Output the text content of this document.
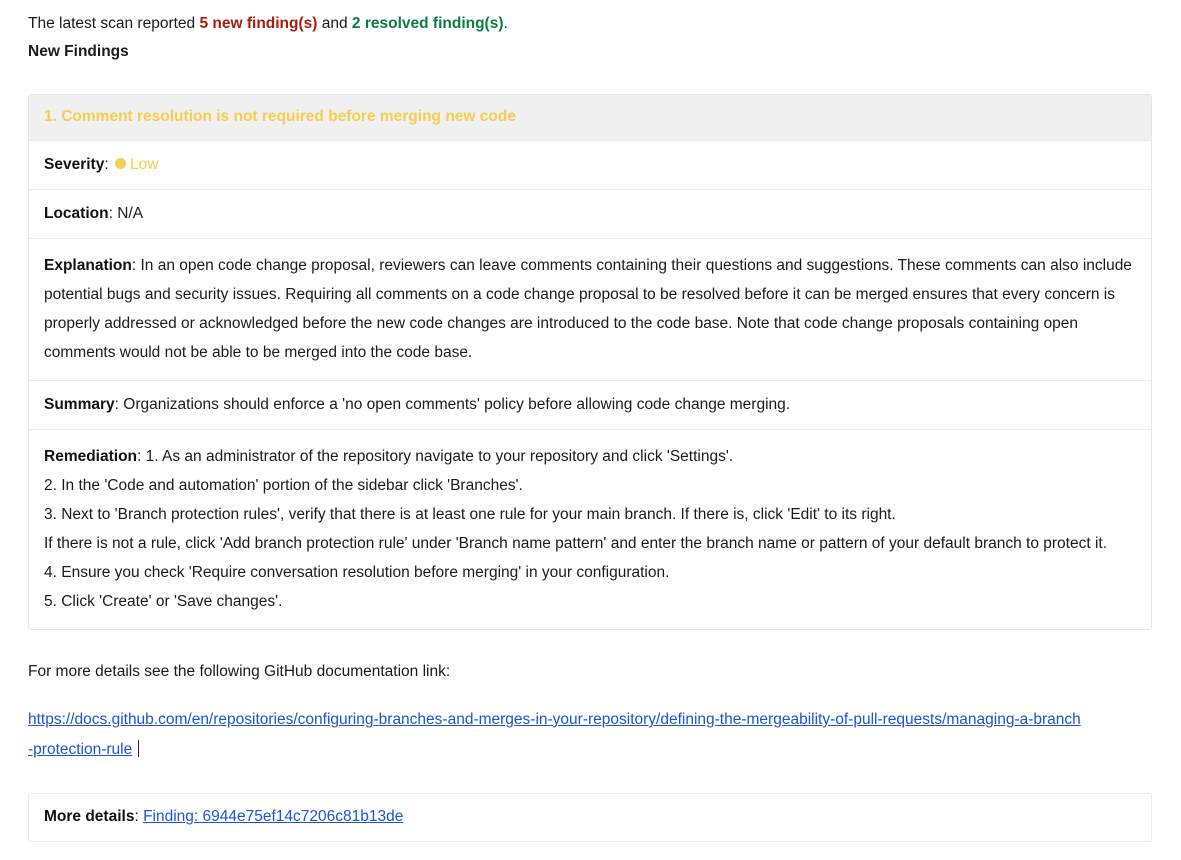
The latest scan reported 5 new finding(s) and 2 resolved finding(s).

New Findings
1. Comment resolution is not required before merging new code
Severity: Low
Location: N/A
Explanation: In an open code change proposal, reviewers can leave comments containing their questions and suggestions. These comments can also include potential bugs and security issues. Requiring all comments on a code change proposal to be resolved before it can be merged ensures that every concern is properly addressed or acknowledged before the new code changes are introduced to the code base. Note that code change proposals containing open comments would not be able to be merged into the code base.
Summary: Organizations should enforce a 'no open comments' policy before allowing code change merging.
Remediation: 1. As an administrator of the repository navigate to your repository and click 'Settings'.
2. In the 'Code and automation' portion of the sidebar click 'Branches'.
3. Next to 'Branch protection rules', verify that there is at least one rule for your main branch. If there is, click 'Edit' to its right.
If there is not a rule, click 'Add branch protection rule' under 'Branch name pattern' and enter the branch name or pattern of your default branch to protect it.
4. Ensure you check 'Require conversation resolution before merging' in your configuration.
5. Click 'Create' or 'Save changes'.

For more details see the following GitHub documentation link:

https://docs.github.com/en/repositories/configuring-branches-and-merges-in-your-repository/defining-the-mergeability-of-pull-requests/managing-a-branch-protection-rule
More details: Finding: 6944e75ef14c7206c81b13de
